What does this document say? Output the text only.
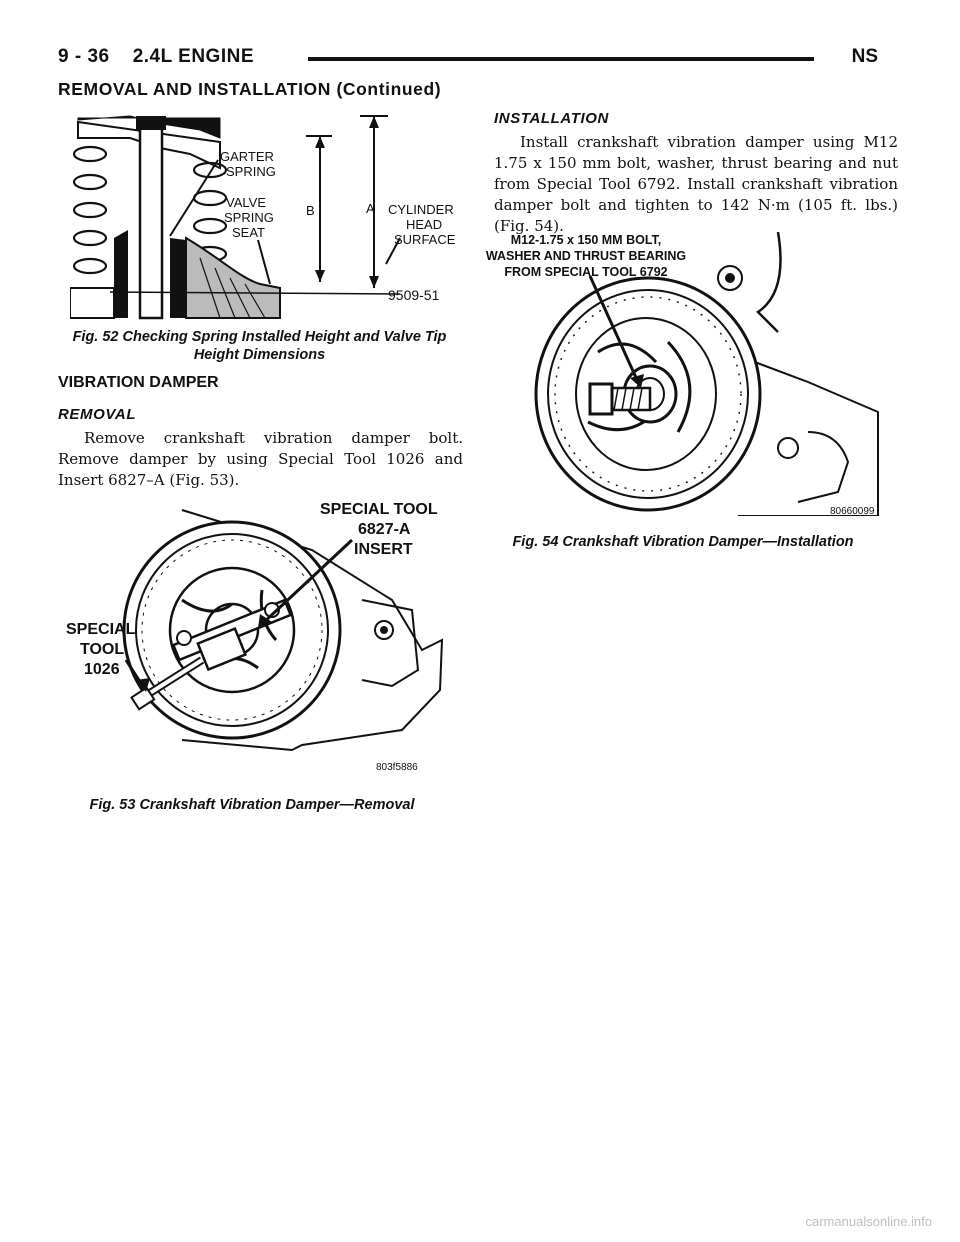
9 - 36    2.4L ENGINE	NS
REMOVAL AND INSTALLATION (Continued)
GARTER
SPRING
VALVE
SPRING
SEAT
B	A CYLINDER
HEAD
SURFACE
9509-51
Fig. 52 Checking Spring Installed Height and Valve Tip Height Dimensions
VIBRATION DAMPER
REMOVAL
Remove crankshaft vibration damper bolt. Remove damper by using Special Tool 1026 and Insert 6827–A (Fig. 53).
SPECIAL TOOL
6827-A
INSERT
SPECIAL
TOOL
1026
803f5886
Fig. 53 Crankshaft Vibration Damper—Removal
INSTALLATION
Install crankshaft vibration damper using M12 1.75 x 150 mm bolt, washer, thrust bearing and nut from Special Tool 6792. Install crankshaft vibration damper bolt and tighten to 142 N·m (105 ft. lbs.) (Fig. 54).
M12-1.75 x 150 MM BOLT,
WASHER AND THRUST BEARING
FROM SPECIAL TOOL 6792
80660099
Fig. 54 Crankshaft Vibration Damper—Installation
carmanualsonline.info
